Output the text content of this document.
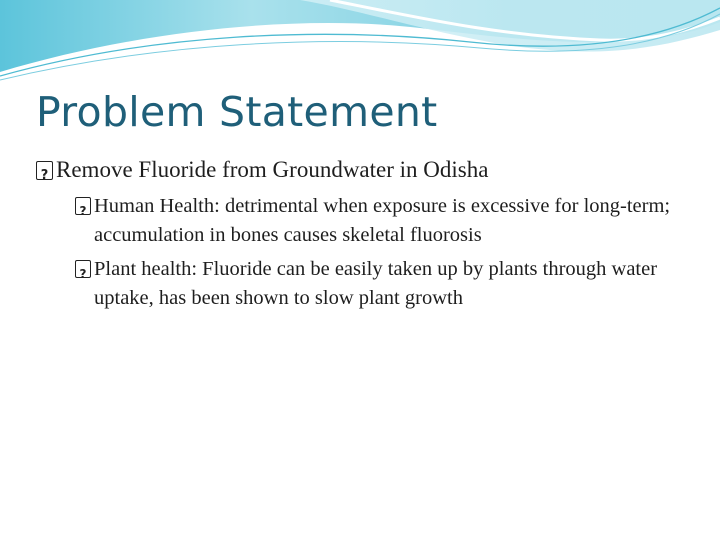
Problem Statement
?
Remove Fluoride from Groundwater in Odisha
?
Human Health: detrimental when exposure is excessive for long-term; accumulation in bones causes skeletal fluorosis
?
Plant health: Fluoride can be easily taken up by plants through water uptake, has been shown to slow plant growth
